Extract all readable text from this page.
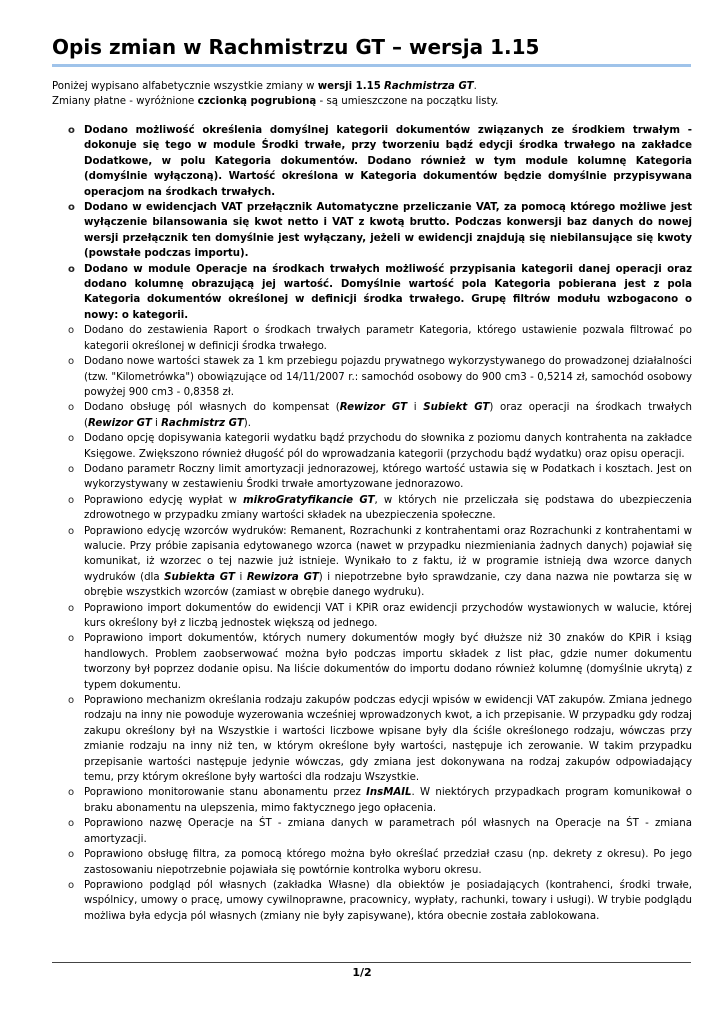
Opis zmian w Rachmistrzu GT – wersja 1.15

Poniżej wypisano alfabetycznie wszystkie zmiany w wersji 1.15 Rachmistrza GT.

Zmiany płatne - wyróżnione czcionką pogrubioną - są umieszczone na początku listy.

o Dodano możliwość określenia domyślnej kategorii dokumentów związanych ze środkiem trwałym - dokonuje się tego w module Środki trwałe, przy tworzeniu bądź edycji środka trwałego na zakładce Dodatkowe, w polu Kategoria dokumentów. Dodano również w tym module kolumnę Kategoria (domyślnie wyłączoną). Wartość określona w Kategoria dokumentów będzie domyślnie przypisywana operacjom na środkach trwałych.
o Dodano w ewidencjach VAT przełącznik Automatyczne przeliczanie VAT, za pomocą którego możliwe jest wyłączenie bilansowania się kwot netto i VAT z kwotą brutto. Podczas konwersji baz danych do nowej wersji przełącznik ten domyślnie jest wyłączany, jeżeli w ewidencji znajdują się niebilansujące się kwoty (powstałe podczas importu).
o Dodano w module Operacje na środkach trwałych możliwość przypisania kategorii danej operacji oraz dodano kolumnę obrazującą jej wartość. Domyślnie wartość pola Kategoria pobierana jest z pola Kategoria dokumentów określonej w definicji środka trwałego. Grupę filtrów modułu wzbogacono o nowy: o kategorii.
o Dodano do zestawienia Raport o środkach trwałych parametr Kategoria, którego ustawienie pozwala filtrować po kategorii określonej w definicji środka trwałego.
o Dodano nowe wartości stawek za 1 km przebiegu pojazdu prywatnego wykorzystywanego do prowadzonej działalności (tzw. "Kilometrówka") obowiązujące od 14/11/2007 r.: samochód osobowy do 900 cm3 - 0,5214 zł, samochód osobowy powyżej 900 cm3 - 0,8358 zł.
o Dodano obsługę pól własnych do kompensat (Rewizor GT i Subiekt GT) oraz operacji na środkach trwałych (Rewizor GT i Rachmistrz GT).
o Dodano opcję dopisywania kategorii wydatku bądź przychodu do słownika z poziomu danych kontrahenta na zakładce Księgowe. Zwiększono również długość pól do wprowadzania kategorii (przychodu bądź wydatku) oraz opisu operacji.
o Dodano parametr Roczny limit amortyzacji jednorazowej, którego wartość ustawia się w Podatkach i kosztach. Jest on wykorzystywany w zestawieniu Środki trwałe amortyzowane jednorazowo.
o Poprawiono edycję wypłat w mikroGratyfikancie GT, w których nie przeliczała się podstawa do ubezpieczenia zdrowotnego w przypadku zmiany wartości składek na ubezpieczenia społeczne.
o Poprawiono edycję wzorców wydruków: Remanent, Rozrachunki z kontrahentami oraz Rozrachunki z kontrahentami w walucie. Przy próbie zapisania edytowanego wzorca (nawet w przypadku niezmieniania żadnych danych) pojawiał się komunikat, iż wzorzec o tej nazwie już istnieje. Wynikało to z faktu, iż w programie istnieją dwa wzorce danych wydruków (dla Subiekta GT i Rewizora GT) i niepotrzebne było sprawdzanie, czy dana nazwa nie powtarza się w obrębie wszystkich wzorców (zamiast w obrębie danego wydruku).
o Poprawiono import dokumentów do ewidencji VAT i KPiR oraz ewidencji przychodów wystawionych w walucie, której kurs określony był z liczbą jednostek większą od jednego.
o Poprawiono import dokumentów, których numery dokumentów mogły być dłuższe niż 30 znaków do KPiR i ksiąg handlowych. Problem zaobserwować można było podczas importu składek z list płac, gdzie numer dokumentu tworzony był poprzez dodanie opisu. Na liście dokumentów do importu dodano również kolumnę (domyślnie ukrytą) z typem dokumentu.
o Poprawiono mechanizm określania rodzaju zakupów podczas edycji wpisów w ewidencji VAT zakupów. Zmiana jednego rodzaju na inny nie powoduje wyzerowania wcześniej wprowadzonych kwot, a ich przepisanie. W przypadku gdy rodzaj zakupu określony był na Wszystkie i wartości liczbowe wpisane były dla ściśle określonego rodzaju, wówczas przy zmianie rodzaju na inny niż ten, w którym określone były wartości, następuje ich zerowanie. W takim przypadku przepisanie wartości następuje jedynie wówczas, gdy zmiana jest dokonywana na rodzaj zakupów odpowiadający temu, przy którym określone były wartości dla rodzaju Wszystkie.
o Poprawiono monitorowanie stanu abonamentu przez InsMAIL. W niektórych przypadkach program komunikował o braku abonamentu na ulepszenia, mimo faktycznego jego opłacenia.
o Poprawiono nazwę Operacje na ŚT - zmiana danych w parametrach pól własnych na Operacje na ŚT - zmiana amortyzacji.
o Poprawiono obsługę filtra, za pomocą którego można było określać przedział czasu (np. dekrety z okresu). Po jego zastosowaniu niepotrzebnie pojawiała się powtórnie kontrolka wyboru okresu.
o Poprawiono podgląd pól własnych (zakładka Własne) dla obiektów je posiadających (kontrahenci, środki trwałe, wspólnicy, umowy o pracę, umowy cywilnoprawne, pracownicy, wypłaty, rachunki, towary i usługi). W trybie podglądu możliwa była edycja pól własnych (zmiany nie były zapisywane), która obecnie została zablokowana.
1/2
